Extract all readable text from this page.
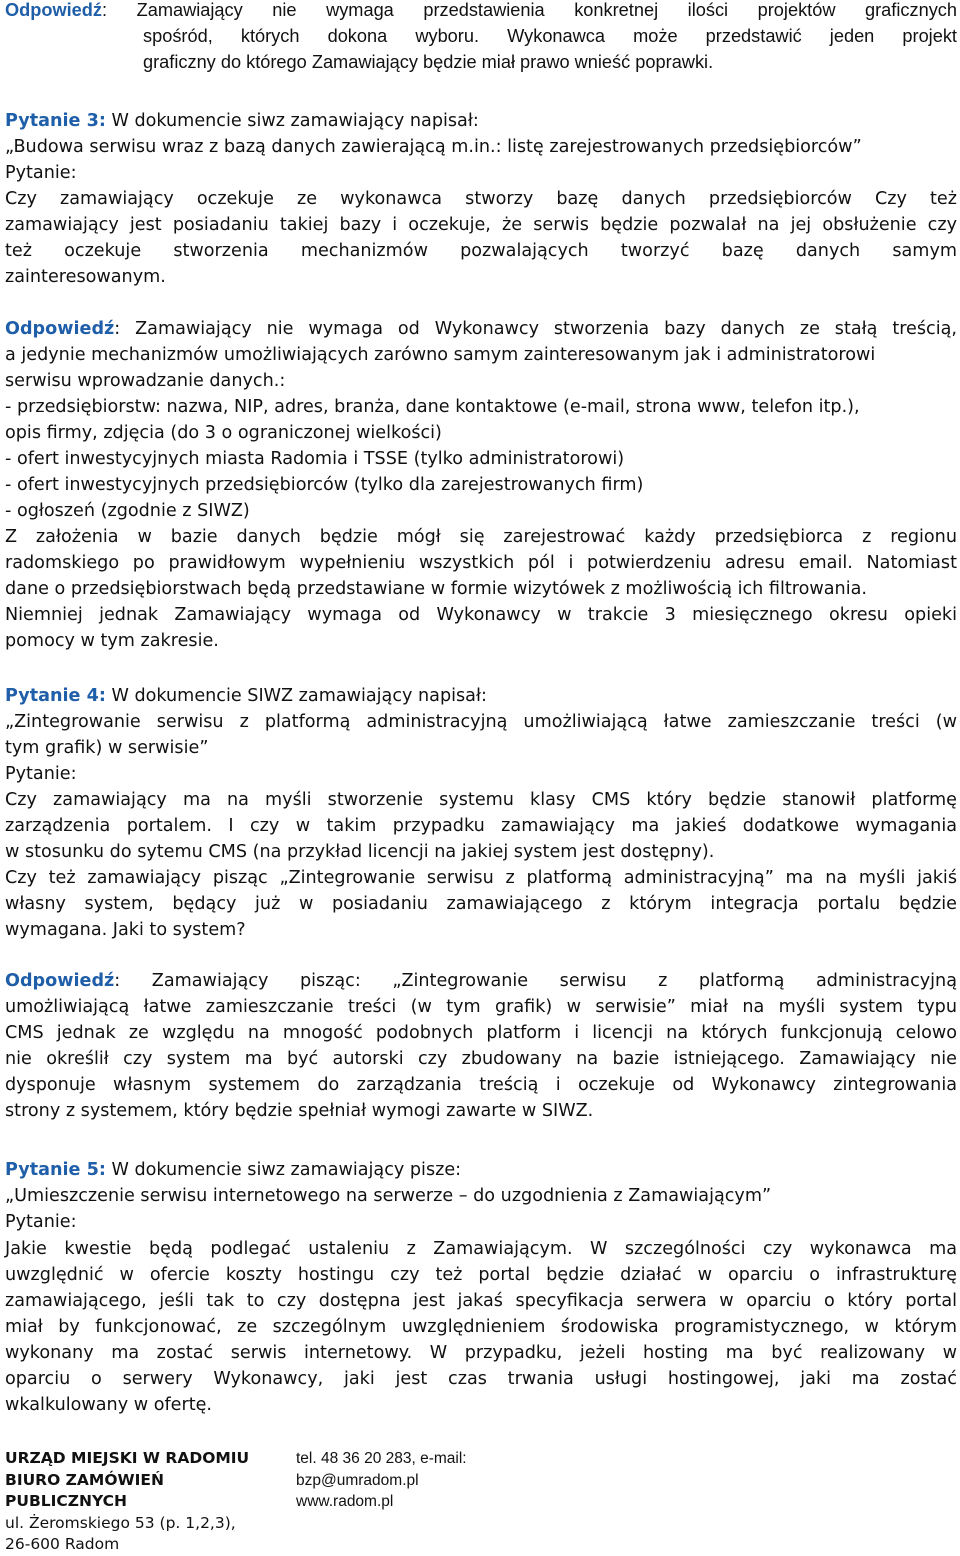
Odpowiedź: Zamawiający nie wymaga przedstawienia konkretnej ilości projektów graficznych
spośród, których dokona wyboru. Wykonawca może przedstawić jeden projekt
graficzny do którego Zamawiający będzie miał prawo wnieść poprawki.
Pytanie 3: W dokumencie siwz zamawiający napisał:
„Budowa serwisu wraz z bazą danych zawierającą m.in.: listę zarejestrowanych przedsiębiorców”
Pytanie:
Czy zamawiający oczekuje ze wykonawca stworzy bazę danych przedsiębiorców Czy też
zamawiający jest posiadaniu takiej bazy i oczekuje, że serwis będzie pozwalał na jej obsłużenie czy
też oczekuje stworzenia mechanizmów pozwalających tworzyć bazę danych samym
zainteresowanym.
Odpowiedź: Zamawiający nie wymaga od Wykonawcy stworzenia bazy danych ze stałą treścią,
a jedynie mechanizmów umożliwiających zarówno samym zainteresowanym jak i administratorowi
serwisu wprowadzanie danych.:
- przedsiębiorstw: nazwa, NIP, adres, branża, dane kontaktowe (e-mail, strona www, telefon itp.),
opis firmy, zdjęcia (do 3 o ograniczonej wielkości)
- ofert inwestycyjnych miasta Radomia i TSSE (tylko administratorowi)
- ofert inwestycyjnych przedsiębiorców (tylko dla zarejestrowanych firm)
- ogłoszeń (zgodnie z SIWZ)
Z założenia w bazie danych będzie mógł się zarejestrować każdy przedsiębiorca z regionu
radomskiego po prawidłowym wypełnieniu wszystkich pól i potwierdzeniu adresu email. Natomiast
dane o przedsiębiorstwach będą przedstawiane w formie wizytówek z możliwością ich filtrowania.
Niemniej jednak Zamawiający wymaga od Wykonawcy w trakcie 3 miesięcznego okresu opieki
pomocy w tym zakresie.
Pytanie 4: W dokumencie SIWZ zamawiający napisał:
„Zintegrowanie serwisu z platformą administracyjną umożliwiającą łatwe zamieszczanie treści (w
tym grafik) w serwisie”
Pytanie:
Czy zamawiający ma na myśli stworzenie systemu klasy CMS który będzie stanowił platformę
zarządzenia portalem. I czy w takim przypadku zamawiający ma jakieś dodatkowe wymagania
w stosunku do sytemu CMS (na przykład licencji na jakiej system jest dostępny).
Czy też zamawiający pisząc „Zintegrowanie serwisu z platformą administracyjną” ma na myśli jakiś
własny system, będący już w posiadaniu zamawiającego z którym integracja portalu będzie
wymagana. Jaki to system?
Odpowiedź: Zamawiający pisząc: „Zintegrowanie serwisu z platformą administracyjną
umożliwiającą łatwe zamieszczanie treści (w tym grafik) w serwisie” miał na myśli system typu
CMS jednak ze względu na mnogość podobnych platform i licencji na których funkcjonują celowo
nie określił czy system ma być autorski czy zbudowany na bazie istniejącego. Zamawiający nie
dysponuje własnym systemem do zarządzania treścią i oczekuje od Wykonawcy zintegrowania
strony z systemem, który będzie spełniał wymogi zawarte w SIWZ.
Pytanie 5: W dokumencie siwz zamawiający pisze:
„Umieszczenie serwisu internetowego na serwerze – do uzgodnienia z Zamawiającym”
Pytanie:
Jakie kwestie będą podlegać ustaleniu z Zamawiającym. W szczególności czy wykonawca ma
uwzględnić w ofercie koszty hostingu czy też portal będzie działać w oparciu o infrastrukturę
zamawiającego, jeśli tak to czy dostępna jest jakaś specyfikacja serwera w oparciu o który portal
miał by funkcjonować, ze szczególnym uwzględnieniem środowiska programistycznego, w którym
wykonany ma zostać serwis internetowy. W przypadku, jeżeli hosting ma być realizowany w
oparciu o serwery Wykonawcy, jaki jest czas trwania usługi hostingowej, jaki ma zostać
wkalkulowany w ofertę.
URZĄD MIEJSKI W RADOMIU
BIURO ZAMÓWIEŃ
PUBLICZNYCH
ul. Żeromskiego 53 (p. 1,2,3),
26-600 Radom
tel. 48 36 20 283, e-mail:
bzp@umradom.pl
www.radom.pl
